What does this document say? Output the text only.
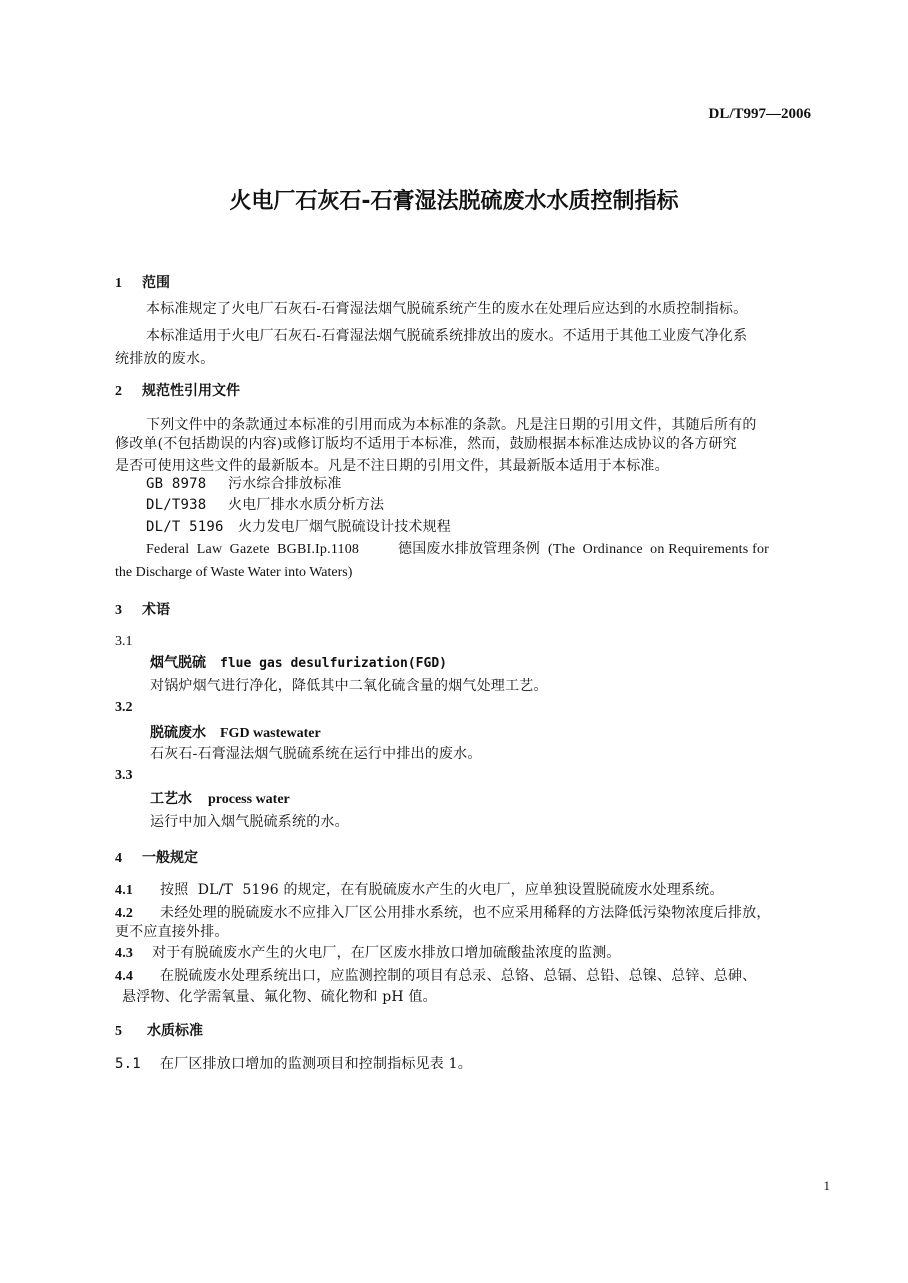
DL/T997—2006
火电厂石灰石-石膏湿法脱硫废水水质控制指标
1 范围
本标准规定了火电厂石灰石-石膏湿法烟气脱硫系统产生的废水在处理后应达到的水质控制指标。
本标准适用于火电厂石灰石-石膏湿法烟气脱硫系统排放出的废水。不适用于其他工业废气净化系
统排放的废水。
2 规范性引用文件
下列文件中的条款通过本标准的引用而成为本标准的条款。凡是注日期的引用文件，其随后所有的
修改单(不包括勘误的内容)或修订版均不适用于本标准，然而，鼓励根据本标准达成协议的各方研究
是否可使用这些文件的最新版本。凡是不注日期的引用文件，其最新版本适用于本标准。
GB 8978 污水综合排放标准
DL/T938 火电厂排水水质分析方法
DL/T 5196 火力发电厂烟气脱硫设计技术规程
Federal  Law  Gazete  BGBI.Ip.1108	德国废水排放管理条例 (The  Ordinance  on Requirements for
the Discharge of Waste Water into Waters)
3 术语
3.1
烟气脱硫 flue gas desulfurization(FGD)
对锅炉烟气进行净化，降低其中二氧化硫含量的烟气处理工艺。
3.2
脱硫废水 FGD wastewater
石灰石-石膏湿法烟气脱硫系统在运行中排出的废水。
3.3
工艺水 process water
运行中加入烟气脱硫系统的水。
4 一般规定
4.1 按照  DL/T  5196 的规定，在有脱硫废水产生的火电厂，应单独设置脱硫废水处理系统。
4.2 未经处理的脱硫废水不应排入厂区公用排水系统，也不应采用稀释的方法降低污染物浓度后排放，
更不应直接外排。
4.3 对于有脱硫废水产生的火电厂，在厂区废水排放口增加硫酸盐浓度的监测。
4.4 在脱硫废水处理系统出口，应监测控制的项目有总汞、总铬、总镉、总铅、总镍、总锌、总砷、
悬浮物、化学需氧量、氟化物、硫化物和 pH 值。
5 水质标准
5.1 在厂区排放口增加的监测项目和控制指标见表 1。
1
